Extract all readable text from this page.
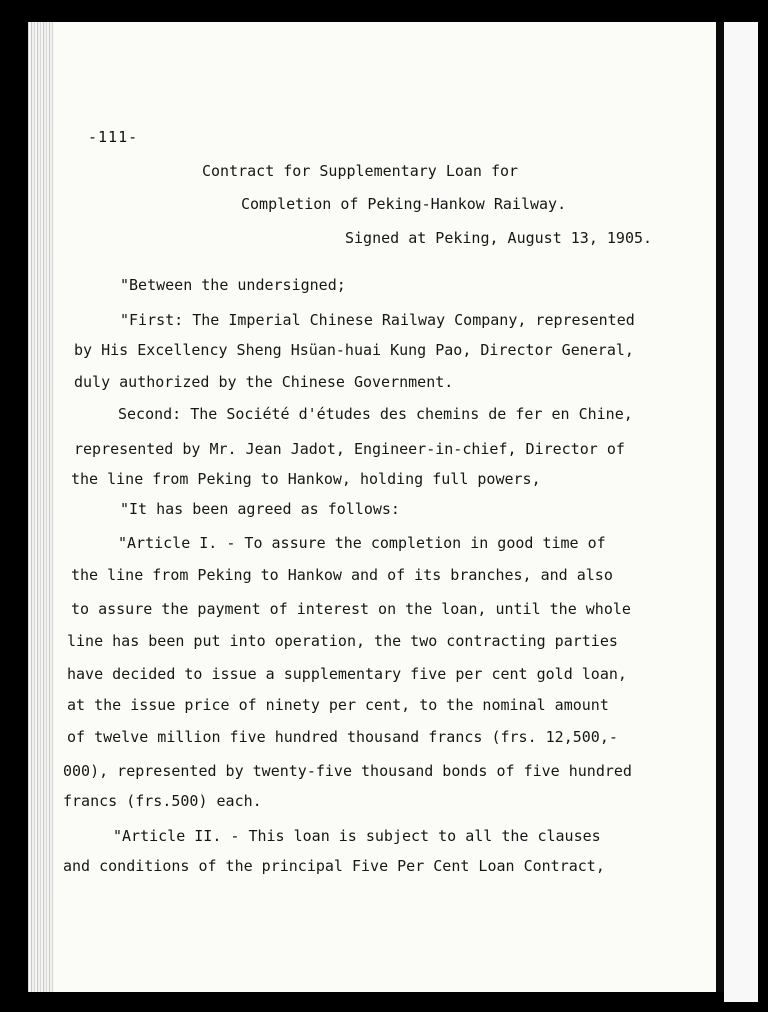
-111-
Contract for Supplementary Loan for
Completion of Peking-Hankow Railway.
Signed at Peking, August 13, 1905.
"Between the undersigned;
"First: The Imperial Chinese Railway Company, represented
by His Excellency Sheng Hsüan-huai Kung Pao, Director General,
duly authorized by the Chinese Government.
Second: The Société d'études des chemins de fer en Chine,
represented by Mr. Jean Jadot, Engineer-in-chief, Director of
the line from Peking to Hankow, holding full powers,
"It has been agreed as follows:
"Article I. - To assure the completion in good time of
the line from Peking to Hankow and of its branches, and also
to assure the payment of interest on the loan, until the whole
line has been put into operation, the two contracting parties
have decided to issue a supplementary five per cent gold loan,
at the issue price of ninety per cent, to the nominal amount
of twelve million five hundred thousand francs (frs. 12,500,-
000), represented by twenty-five thousand bonds of five hundred
francs (frs.500) each.
"Article II. - This loan is subject to all the clauses
and conditions of the principal Five Per Cent Loan Contract,
